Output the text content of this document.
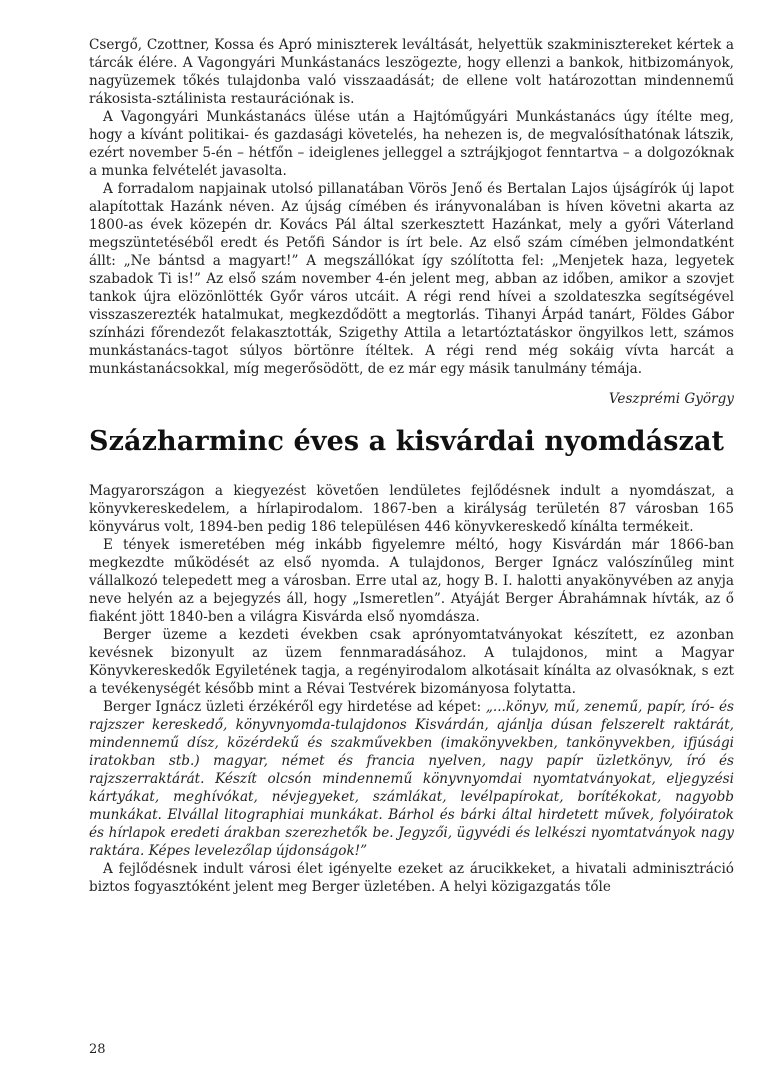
Csergő, Czottner, Kossa és Apró miniszterek leváltását, helyettük szakminisztereket kértek a tárcák élére. A Vagongyári Munkástanács leszögezte, hogy ellenzi a bankok, hitbizományok, nagyüzemek tőkés tulajdonba való visszaadását; de ellene volt határozottan mindennemű rákosista-sztálinista restaurációnak is.

A Vagongyári Munkástanács ülése után a Hajtóműgyári Munkástanács úgy ítélte meg, hogy a kívánt politikai- és gazdasági követelés, ha nehezen is, de megvalósíthatónak látszik, ezért november 5-én – hétfőn – ideiglenes jelleggel a sztrájkjogot fenntartva – a dolgozóknak a munka felvételét javasolta.

A forradalom napjainak utolsó pillanatában Vörös Jenő és Bertalan Lajos újságírók új lapot alapítottak Hazánk néven. Az újság címében és irányvonalában is híven követni akarta az 1800-as évek közepén dr. Kovács Pál által szerkesztett Hazánkat, mely a győri Váterland megszüntetéséből eredt és Petőfi Sándor is írt bele. Az első szám címében jelmondatként állt: „Ne bántsd a magyart!” A megszállókat így szólította fel: „Menjetek haza, legyetek szabadok Ti is!” Az első szám november 4-én jelent meg, abban az időben, amikor a szovjet tankok újra elözönlötték Győr város utcáit. A régi rend hívei a szoldateszka segítségével visszaszerezték hatalmukat, megkezdődött a megtorlás. Tihanyi Árpád tanárt, Földes Gábor színházi főrendezőt felakasztották, Szigethy Attila a letartóztatáskor öngyilkos lett, számos munkástanács-tagot súlyos börtönre ítéltek. A régi rend még sokáig vívta harcát a munkástanácsokkal, míg megerősödött, de ez már egy másik tanulmány témája.

Veszprémi György
Százharminc éves a kisvárdai nyomdászat

Magyarországon a kiegyezést követően lendületes fejlődésnek indult a nyomdászat, a könyvkereskedelem, a hírlapirodalom. 1867-ben a királyság területén 87 városban 165 könyvárus volt, 1894-ben pedig 186 településen 446 könyvkereskedő kínálta termékeit.

E tények ismeretében még inkább figyelemre méltó, hogy Kisvárdán már 1866-ban megkezdte működését az első nyomda. A tulajdonos, Berger Ignácz valószínűleg mint vállalkozó telepedett meg a városban. Erre utal az, hogy B. I. halotti anyakönyvében az anyja neve helyén az a bejegyzés áll, hogy „Ismeretlen”. Atyáját Berger Ábrahámnak hívták, az ő fiaként jött 1840-ben a világra Kisvárda első nyomdásza.

Berger üzeme a kezdeti években csak aprónyomtatványokat készített, ez azonban kevésnek bizonyult az üzem fennmaradásához. A tulajdonos, mint a Magyar Könyvkereskedők Egyiletének tagja, a regényirodalom alkotásait kínálta az olvasóknak, s ezt a tevékenységét később mint a Révai Testvérek bizományosa folytatta.

Berger Ignácz üzleti érzékéről egy hirdetése ad képet: „...könyv, mű, zenemű, papír, író- és rajzszer kereskedő, könyvnyomda-tulajdonos Kisvárdán, ajánlja dúsan felszerelt raktárát, mindennemű dísz, közérdekű és szakművekben (imakönyvekben, tankönyvekben, ifjúsági iratokban stb.) magyar, német és francia nyelven, nagy papír üzletkönyv, író és rajzszerraktárát. Készít olcsón mindennemű könyvnyomdai nyomtatványokat, eljegyzési kártyákat, meghívókat, névjegyeket, számlákat, levélpapírokat, borítékokat, nagyobb munkákat. Elvállal litographiai munkákat. Bárhol és bárki által hirdetett művek, folyóiratok és hírlapok eredeti árakban szerezhetők be. Jegyzői, ügyvédi és lelkészi nyomtatványok nagy raktára. Képes levelezőlap újdonságok!”

A fejlődésnek indult városi élet igényelte ezeket az árucikkeket, a hivatali adminisztráció biztos fogyasztóként jelent meg Berger üzletében. A helyi közigazgatás tőle

28
